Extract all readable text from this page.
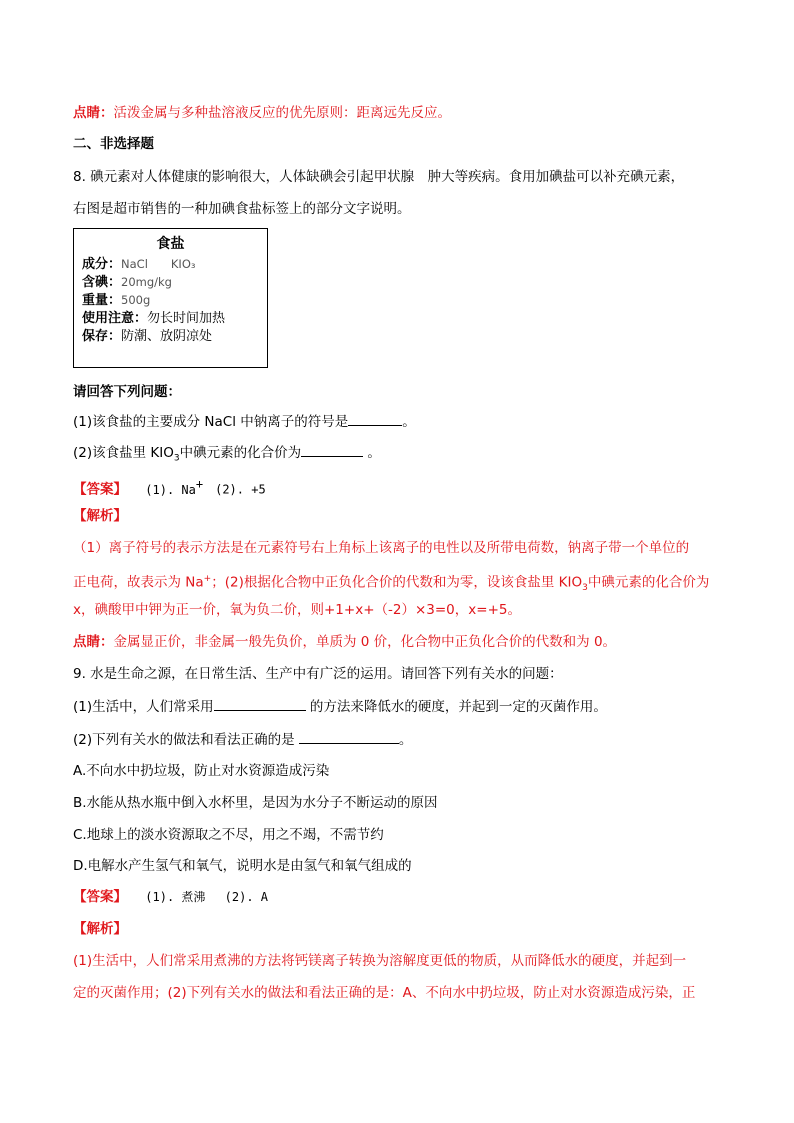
点睛：活泼金属与多种盐溶液反应的优先原则：距离远先反应。
二、非选择题
8. 碘元素对人体健康的影响很大，人体缺碘会引起甲状腺　肿大等疾病。食用加碘盐可以补充碘元素，
右图是超市销售的一种加碘食盐标签上的部分文字说明。
食盐
成分：NaCl　　KIO₃
含碘：20mg/kg
重量：500g
使用注意：勿长时间加热
保存：防潮、放阴凉处
请回答下列问题：
(1)该食盐的主要成分 NaCl 中钠离子的符号是	。
(2)该食盐里 $KIO_3$中碘元素的化合价为	。
【答案】 (1). Na+　(2). +5
【解析】
（1）离子符号的表示方法是在元素符号右上角标上该离子的电性以及所带电荷数，钠离子带一个单位的
正电荷，故表示为 Na+；(2)根据化合物中正负化合价的代数和为零，设该食盐里 $KIO_3$中碘元素的化合价为
x，碘酸甲中钾为正一价，氧为负二价，则+1+x+（-2）×3=0，x=+5。
点睛：金属显正价，非金属一般先负价，单质为 0 价，化合物中正负化合价的代数和为 0。
9. 水是生命之源，在日常生活、生产中有广泛的运用。请回答下列有关水的问题：
(1)生活中，人们常采用	的方法来降低水的硬度，并起到一定的灭菌作用。
(2)下列有关水的做法和看法正确的是	。
A.不向水中扔垃圾，防止对水资源造成污染
B.水能从热水瓶中倒入水杯里，是因为水分子不断运动的原因
C.地球上的淡水资源取之不尽，用之不竭，不需节约
D.电解水产生氢气和氧气，说明水是由氢气和氧气组成的
【答案】 (1). 煮沸　 (2). A
【解析】
(1)生活中，人们常采用煮沸的方法将钙镁离子转换为溶解度更低的物质，从而降低水的硬度，并起到一
定的灭菌作用；(2)下列有关水的做法和看法正确的是：A、不向水中扔垃圾，防止对水资源造成污染，正
